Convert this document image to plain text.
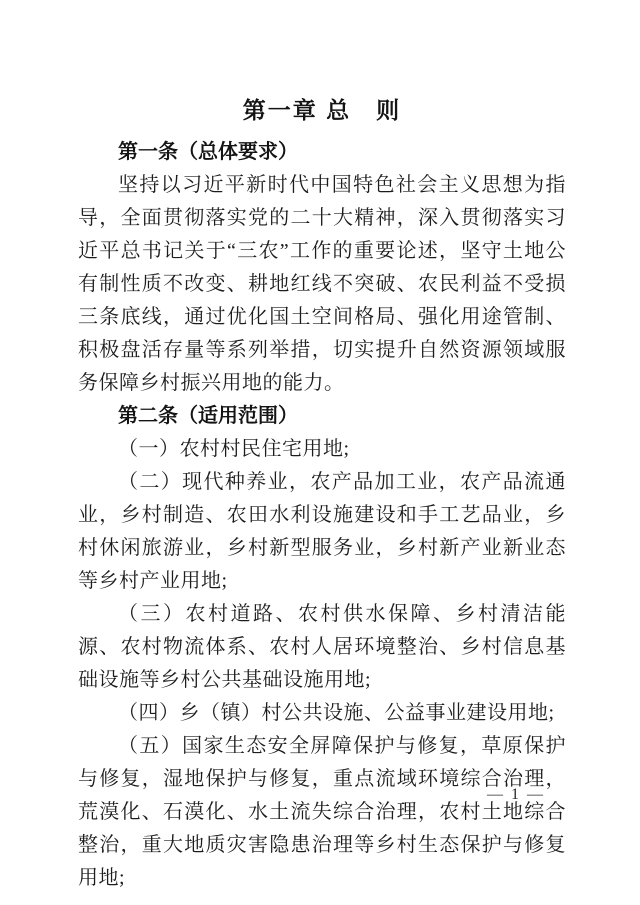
第一章 总　则
第一条（总体要求）

坚持以习近平新时代中国特色社会主义思想为指导，全面贯彻落实党的二十大精神，深入贯彻落实习近平总书记关于“三农”工作的重要论述，坚守土地公有制性质不改变、耕地红线不突破、农民利益不受损三条底线，通过优化国土空间格局、强化用途管制、积极盘活存量等系列举措，切实提升自然资源领域服务保障乡村振兴用地的能力。

第二条（适用范围）

（一）农村村民住宅用地;

（二）现代种养业，农产品加工业，农产品流通业，乡村制造、农田水利设施建设和手工艺品业，乡村休闲旅游业，乡村新型服务业，乡村新产业新业态等乡村产业用地;

（三）农村道路、农村供水保障、乡村清洁能源、农村物流体系、农村人居环境整治、乡村信息基础设施等乡村公共基础设施用地;

（四）乡（镇）村公共设施、公益事业建设用地;

（五）国家生态安全屏障保护与修复，草原保护与修复，湿地保护与修复，重点流域环境综合治理，荒漠化、石漠化、水土流失综合治理，农村土地综合整治，重大地质灾害隐患治理等乡村生态保护与修复用地;

— 1 —
